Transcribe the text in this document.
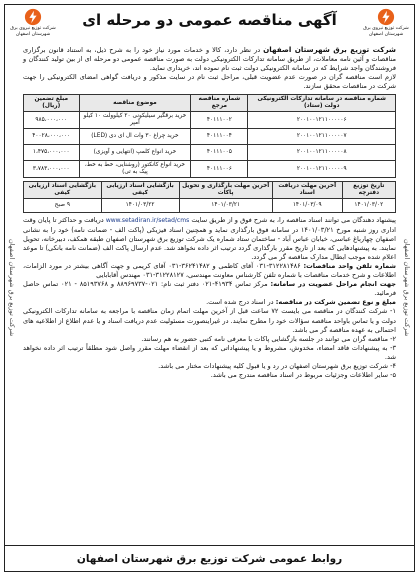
شرکت توزیع برق شهرستان اصفهان	شرکت توزیع برق شهرستان اصفهان
شرکت توزیع نیروی برق شهرستان اصفهان
آگهی مناقصه عمومی دو مرحله ای
شرکت توزیع نیروی برق شهرستان اصفهان

شرکت توزیع برق شهرستان اصفهان در نظر دارد، کالا و خدمات مورد نیاز خود را به شرح ذیل، به استناد قانون برگزاری مناقصات و آئین نامه معاملات، از طریق سامانه تدارکات الکترونیکی دولت به صورت مناقصه عمومی دو مرحله ای از بین تولید کنندگان و فروشندگان واجد شرایط که در سامانه الکترونیکی دولت ثبت نام نموده اند، خریداری نماید.

لازم است مناقصه گران در صورت عدم عضویت قبلی، مراحل ثبت نام در سایت مذکور و دریافت گواهی امضای الکترونیکی را جهت شرکت در مناقصات محقق سازند.

شماره مناقصه در سامانه تدارکات الکترونیکی دولت (ستاد)	شماره مناقصه مرجع	موضوع مناقصه	مبلغ تضمین (ریال)
۲۰۰۱۰۰۱۲۱۱۰۰۰۰۰۶	۴۰۱۱۱۰۰۲	خرید برقگیر سیلیکونی ۲۰ کیلوولت ۱۰ کیلو آمپر	۹۸۵،۰۰۰،۰۰۰
۲۰۰۱۰۰۱۲۱۱۰۰۰۰۰۷	۴۰۱۱۱۰۰۴	خرید چراغ ۳۰ وات ال ای دی (LED)	۴۰۰۲۸،۰۰۰،۰۰۰
۲۰۰۱۰۰۱۲۱۱۰۰۰۰۰۸	۴۰۱۱۱۰۰۵	خرید انواع کلمپ (انتهایی و آویزی)	۱،۴۷۵،۰۰۰،۰۰۰
۲۰۰۱۰۰۱۲۱۱۰۰۰۰۰۹	۴۰۱۱۱۰۰۶	خرید انواع کانکتور (روشنایی، خط به خط، پیک به تی)	۳،۷۸۳،۰۰۰،۰۰۰
تاریخ توزیع دفترچه	آخرین مهلت دریافت اسناد	آخرین مهلت بارگذاری و تحویل پاکات	بازگشایی اسناد ارزیابی کیفی	بازگشایی اسناد ارزیابی کیفی
۱۴۰۱/۰۳/۰۲	۱۴۰۱/۰۳/۰۹	۱۴۰۱/۰۳/۲۱	۱۴۰۱/۰۳/۲۲	۹ صبح

پیشنهاد دهندگان می توانند اسناد مناقصه را، به شرح فوق و از طریق سایت www.setadiran.ir/setad/cms دریافت و حداکثر تا پایان وقت اداری روز شنبه مورخ ۱۴۰۱/۰۳/۲۱ در سامانه فوق بارگذاری نماید و همچنین اسناد فیزیکی (پاکت الف - ضمانت نامه) خود را به نشانی اصفهان چهارباغ عباسی، خیابان عباس آباد - ساختمان ستاد شماره یک شرکت توزیع برق شهرستان اصفهان طبقه همکف، دبیرخانه، تحویل نمایند. به پیشنهادهایی که بعد از تاریخ مقرر بارگذاری گردد ترتیب اثر داده نخواهد شد. عدم ارسال پاکت الف (ضمانت نامه بانکی) تا موعد اعلام شده موجب ابطال مدارک مناقصه گر می گردد.

شماره تلفن واحد مناقصات: ۳۱۲۲۸۱۴۸۶-۰۳۱ آقای کاظمی و ۳۶۲۴۱۴۸۲-۰۳۱ آقای کریمی و جهت آگاهی بیشتر در مورد الزامات، اطلاعات و شرح خدمات مناقصات با شماره تلفن کارشناس معاونت مهندسی، ۳۱۲۲۸۱۲۷-۰۳۱ مهندس آقابابایی

جهت انجام مراحل عضویت در سامانه: مرکز تماس ۴۱۹۳۴-۰۲۱ دفتر ثبت نام: ۰۲۱-۸۸۹۶۹۷۳۷ و ۸۵۱۹۳۷۶۸ - ۰۲۱ تماس حاصل فرمائید.

مبلغ و نوع تضمین شرکت در مناقصه: در اسناد درج شده است.

۱- شرکت کنندگان در مناقصه می بایست ۷۲ ساعت قبل از آخرین مهلت اتمام زمان مناقصه با مراجعه به سامانه تدارکات الکترونیکی دولت و یا تماس باواحد مناقصه سؤالات خود را مطرح نمایند. در غیراینصورت مسئولیت عدم دریافت اسناد و یا عدم اطلاع از اطلاعیه های احتمالی به عهده مناقصه گر می باشد.

۲- مناقصه گران می توانند در جلسه بازگشایی پاکات با معرفی نامه کتبی حضور به هم رسانند.

۳- به پیشنهادات فاقد امضاء، مخدوش، مشروط و یا پیشنهاداتی که بعد از انقضاء مهلت مقرر واصل شود مطلقاً ترتیب اثر داده نخواهد شد.

۴- شرکت توزیع برق شهرستان اصفهان در رد و یا قبول کلیه پیشنهادات مختار می باشد.

۵- سایر اطلاعات وجزئیات مربوط در اسناد مناقصه مندرج می باشد.

روابط عمومی شرکت توزیع برق شهرستان اصفهان
